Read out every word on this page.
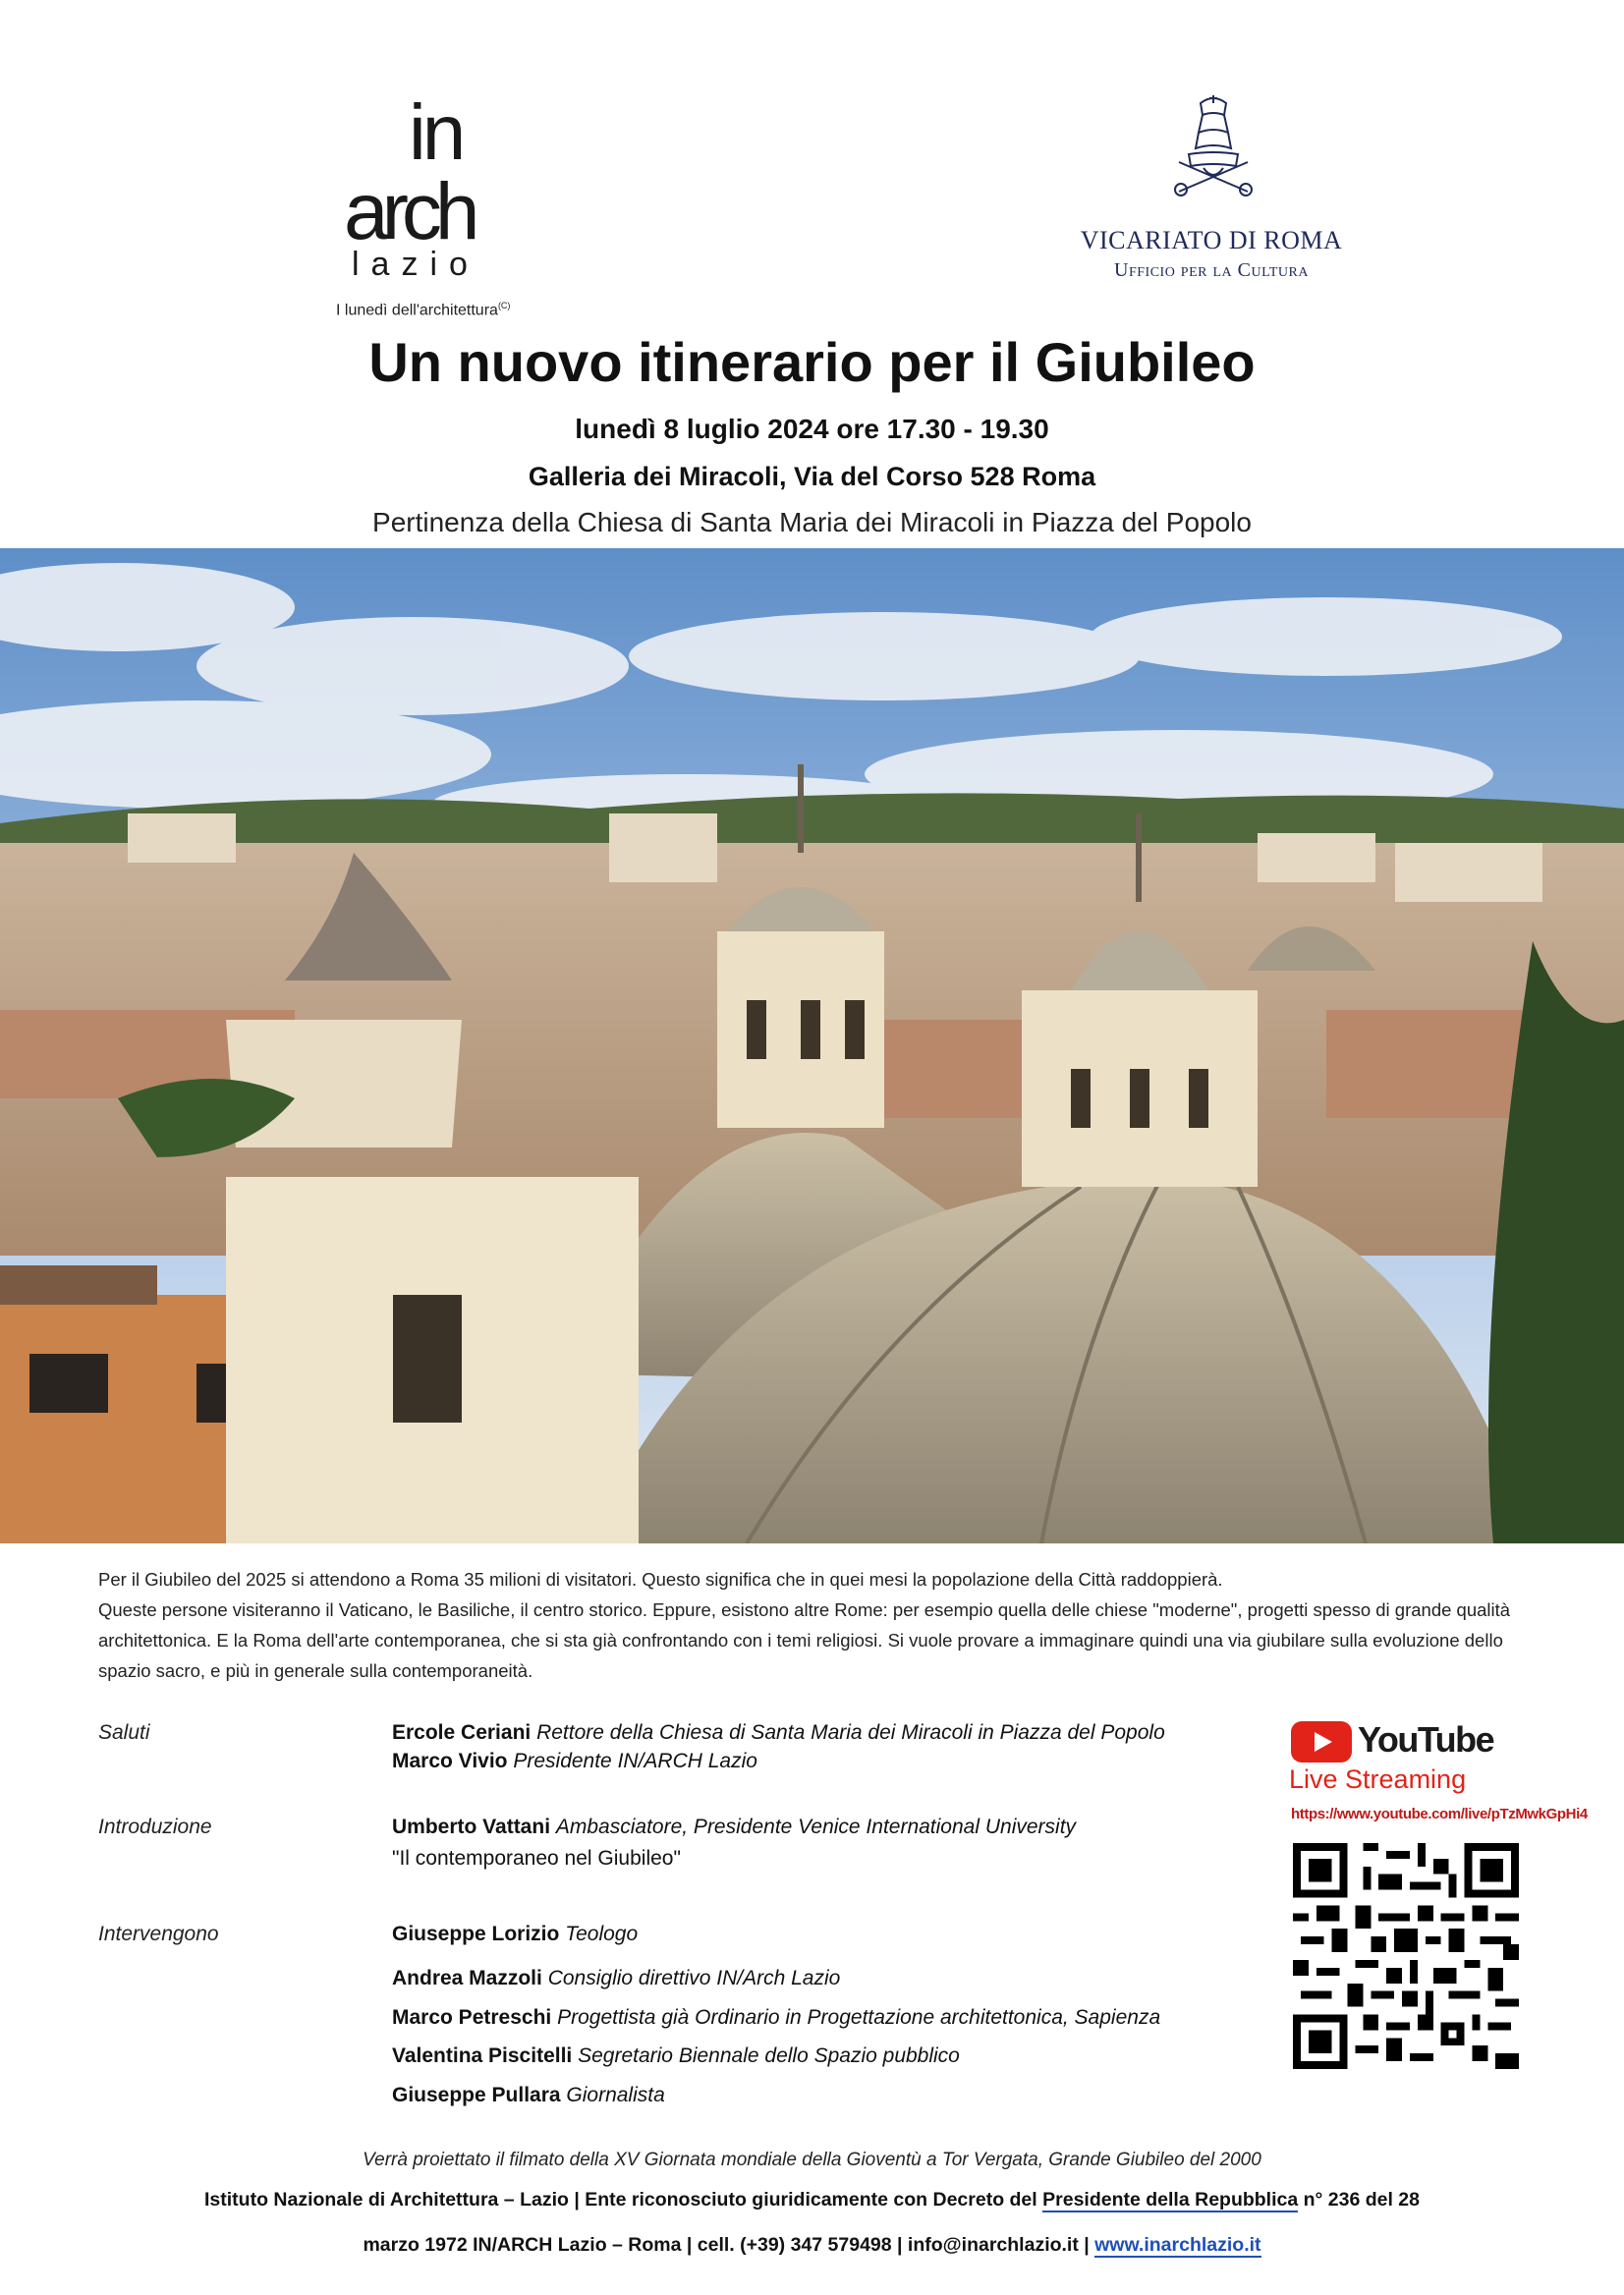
in
arch
lazio
I lunedì dell'architettura$^{(C)}$
VICARIATO DI ROMA
Ufficio per la Cultura
Un nuovo itinerario per il Giubileo
lunedì 8 luglio 2024 ore 17.30 - 19.30
Galleria dei Miracoli, Via del Corso 528 Roma
Pertinenza della Chiesa di Santa Maria dei Miracoli in Piazza del Popolo
Per il Giubileo del 2025 si attendono a Roma 35 milioni di visitatori. Questo significa che in quei mesi la popolazione della Città raddoppierà.
Queste persone visiteranno il Vaticano, le Basiliche, il centro storico. Eppure, esistono altre Rome: per esempio quella delle chiese "moderne", progetti spesso di grande qualità architettonica. E la Roma dell'arte contemporanea, che si sta già confrontando con i temi religiosi. Si vuole provare a immaginare quindi una via giubilare sulla evoluzione dello spazio sacro, e più in generale sulla contemporaneità.
Saluti	Ercole Ceriani Rettore della Chiesa di Santa Maria dei Miracoli in Piazza del Popolo
Marco Vivio Presidente IN/ARCH Lazio
Introduzione	Umberto Vattani Ambasciatore, Presidente Venice International University
"Il contemporaneo nel Giubileo"
Intervengono	Giuseppe Lorizio Teologo
Andrea Mazzoli Consiglio direttivo IN/Arch Lazio
Marco Petreschi Progettista già Ordinario in Progettazione architettonica, Sapienza
Valentina Piscitelli Segretario Biennale dello Spazio pubblico
Giuseppe Pullara Giornalista
YouTube
Live Streaming
https://www.youtube.com/live/pTzMwkGpHi4
Verrà proiettato il filmato della XV Giornata mondiale della Gioventù a Tor Vergata, Grande Giubileo del 2000
Istituto Nazionale di Architettura – Lazio | Ente riconosciuto giuridicamente con Decreto del Presidente della Repubblica n° 236 del 28
marzo 1972 IN/ARCH Lazio – Roma | cell. (+39) 347 579498 | info@inarchlazio.it | www.inarchlazio.it
